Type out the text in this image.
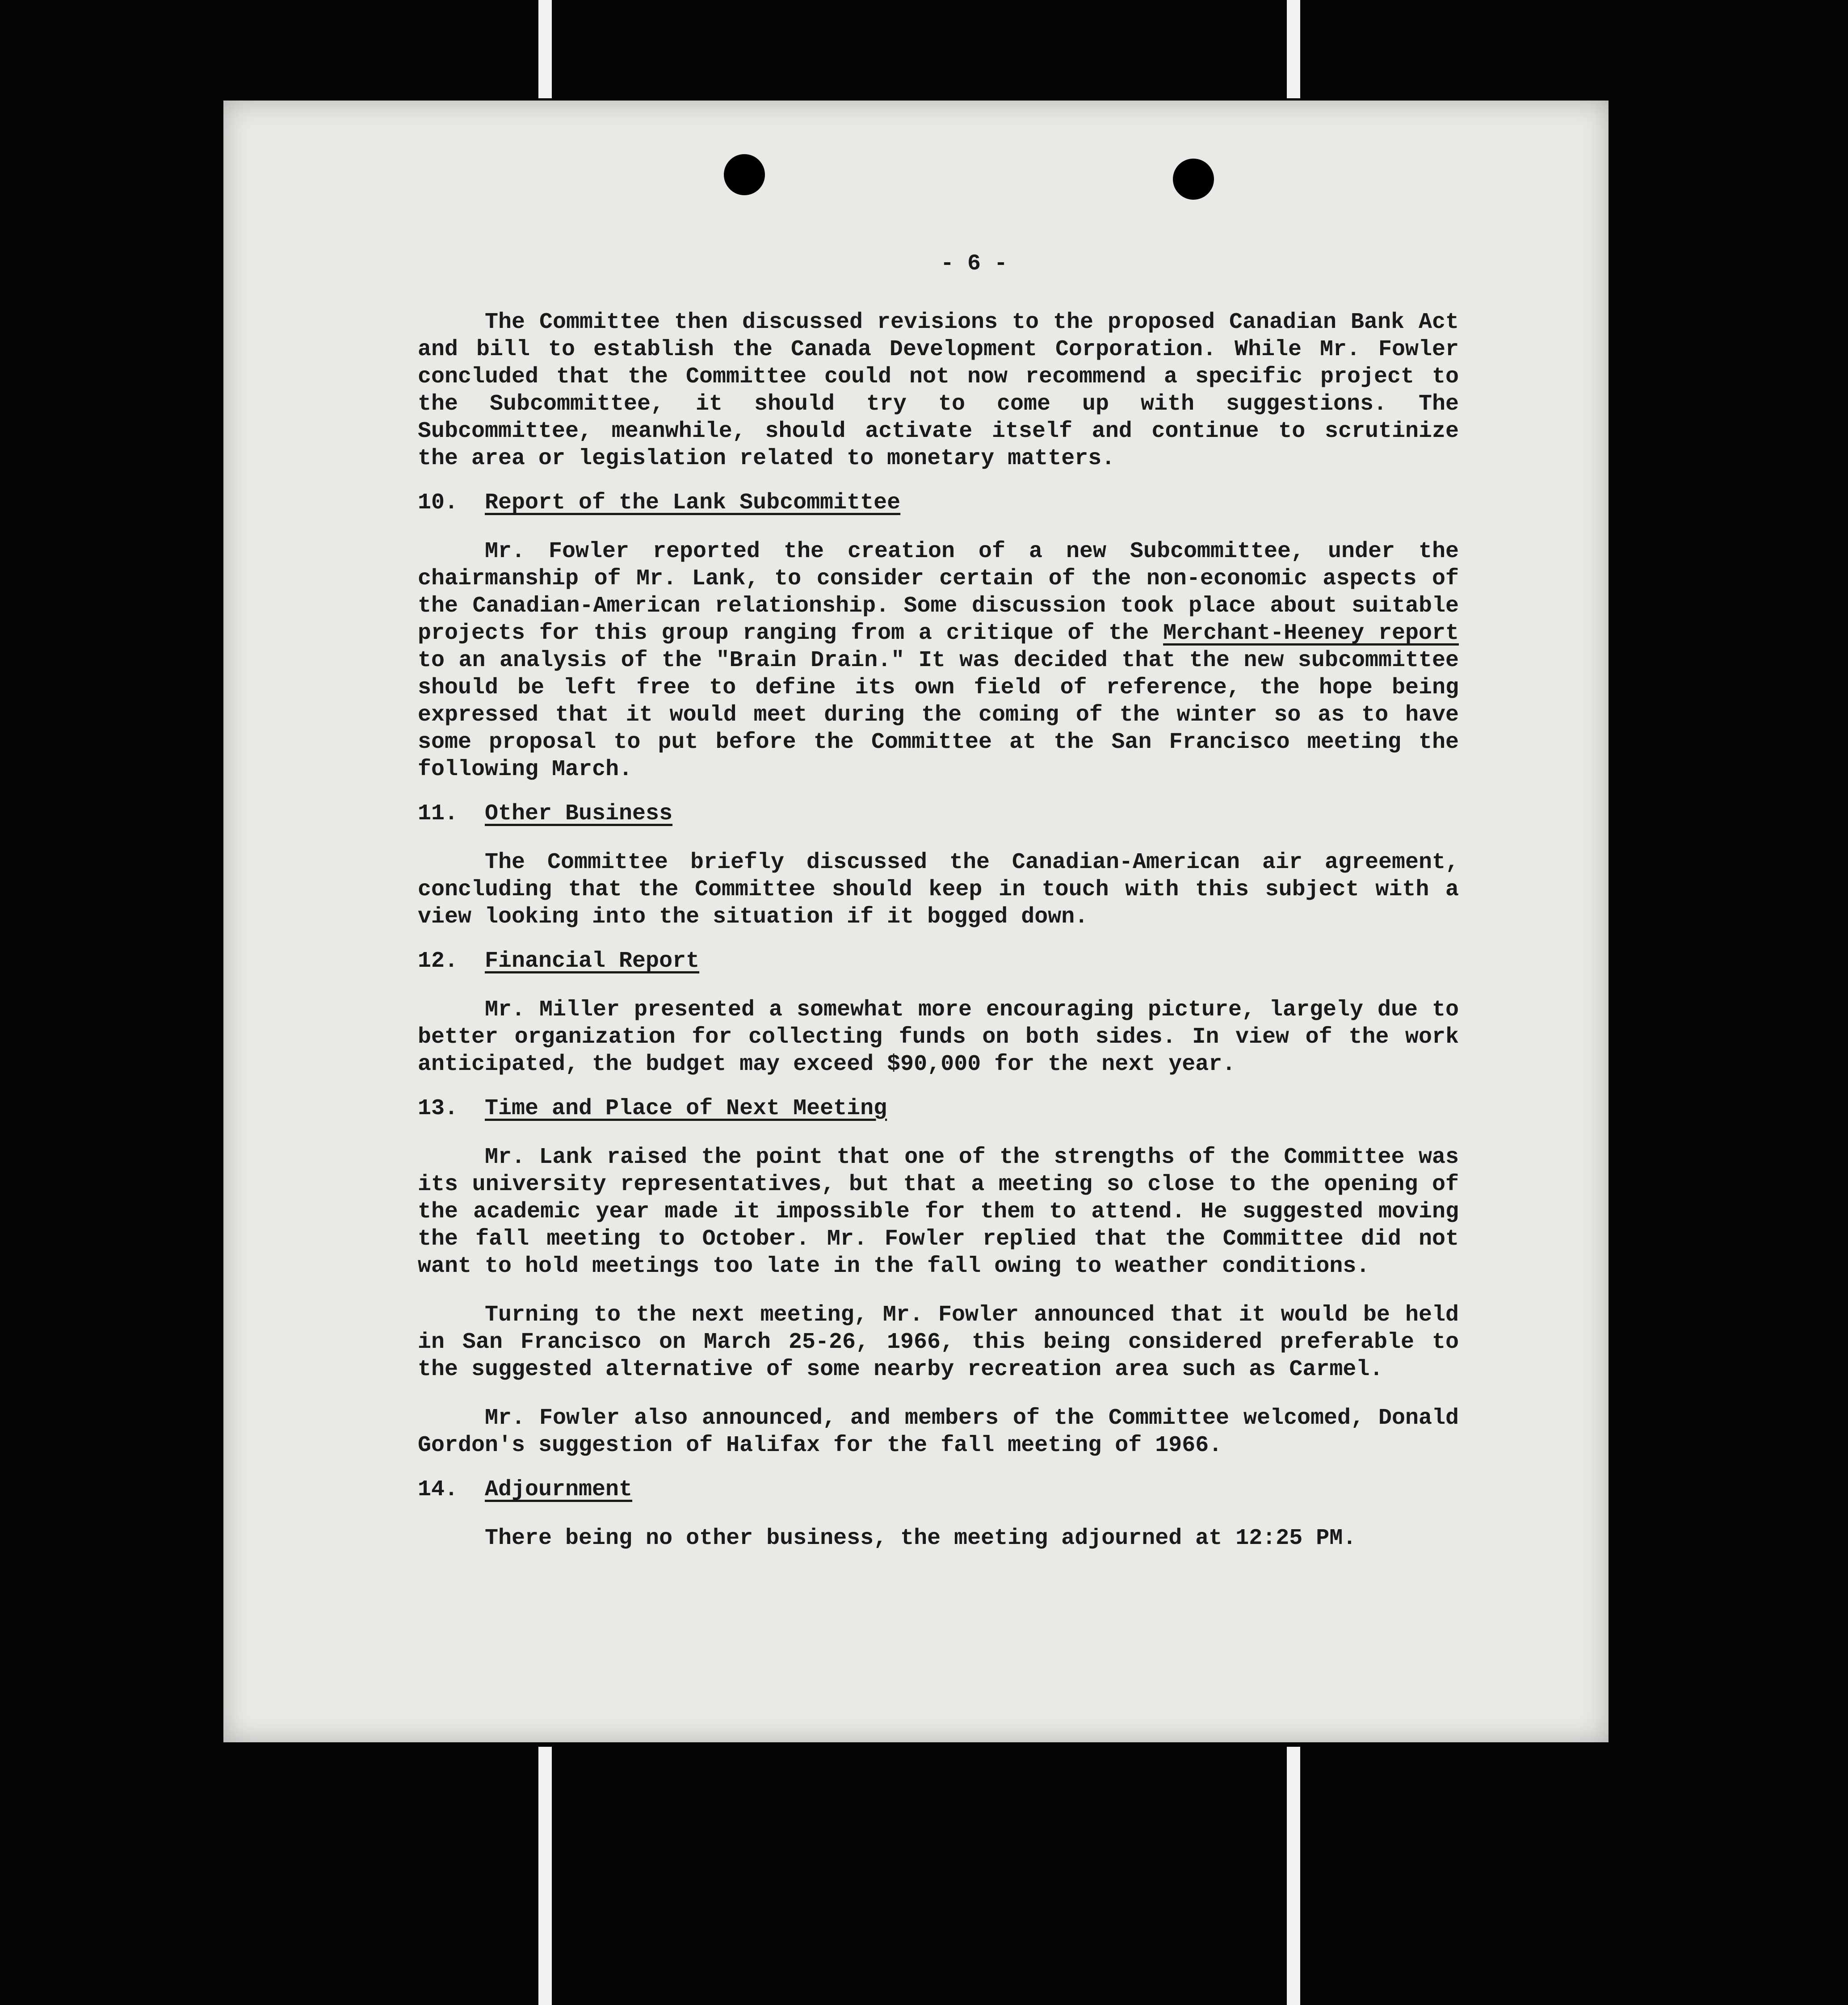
- 6 -

The Committee then discussed revisions to the proposed Canadian Bank Act and bill to establish the Canada Development Corporation. While Mr. Fowler concluded that the Committee could not now recommend a specific project to the Subcommittee, it should try to come up with suggestions. The Subcommittee, meanwhile, should activate itself and continue to scrutinize the area or legislation related to monetary matters.

10. Report of the Lank Subcommittee

Mr. Fowler reported the creation of a new Subcommittee, under the chairmanship of Mr. Lank, to consider certain of the non-economic aspects of the Canadian-American relationship. Some discussion took place about suitable projects for this group ranging from a critique of the Merchant-Heeney report to an analysis of the "Brain Drain." It was decided that the new subcommittee should be left free to define its own field of reference, the hope being expressed that it would meet during the coming of the winter so as to have some proposal to put before the Committee at the San Francisco meeting the following March.

11. Other Business

The Committee briefly discussed the Canadian-American air agreement, concluding that the Committee should keep in touch with this subject with a view looking into the situation if it bogged down.

12. Financial Report

Mr. Miller presented a somewhat more encouraging picture, largely due to better organization for collecting funds on both sides. In view of the work anticipated, the budget may exceed $90,000 for the next year.

13. Time and Place of Next Meeting

Mr. Lank raised the point that one of the strengths of the Committee was its university representatives, but that a meeting so close to the opening of the academic year made it impossible for them to attend. He suggested moving the fall meeting to October. Mr. Fowler replied that the Committee did not want to hold meetings too late in the fall owing to weather conditions.

Turning to the next meeting, Mr. Fowler announced that it would be held in San Francisco on March 25-26, 1966, this being considered preferable to the suggested alternative of some nearby recreation area such as Carmel.

Mr. Fowler also announced, and members of the Committee welcomed, Donald Gordon's suggestion of Halifax for the fall meeting of 1966.

14. Adjournment

There being no other business, the meeting adjourned at 12:25 PM.
